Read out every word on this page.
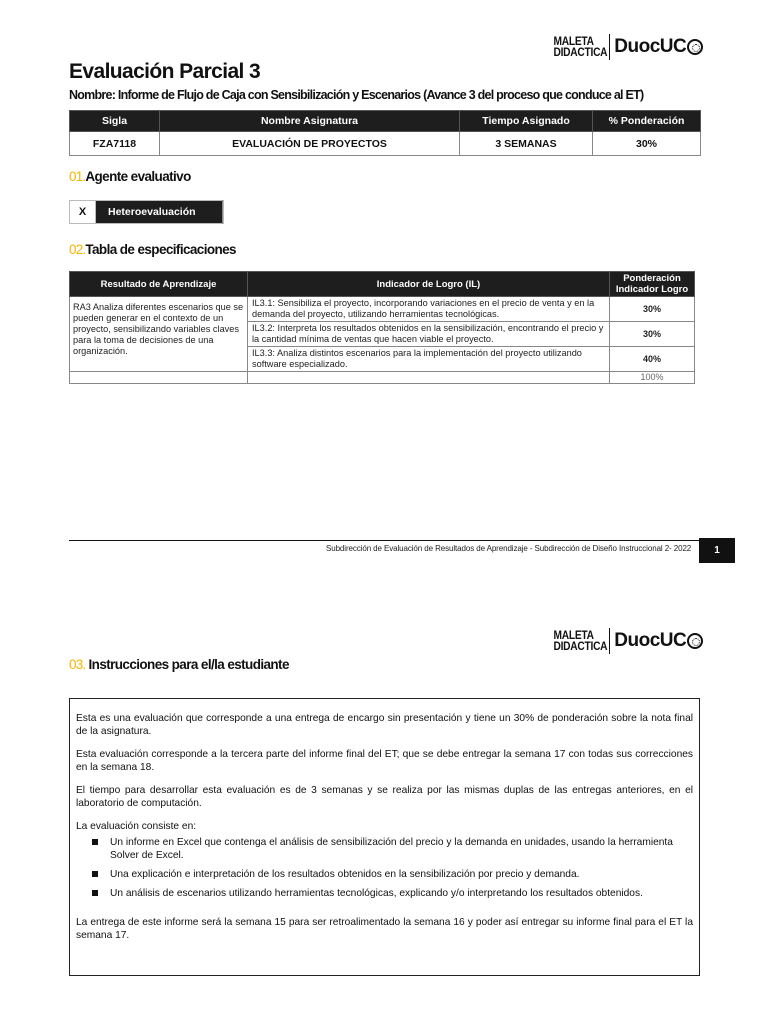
MALETA
DIDACTICA DuocUC
Evaluación Parcial 3
Nombre: Informe de Flujo de Caja con Sensibilización y Escenarios (Avance 3 del proceso que conduce al ET)
Sigla	Nombre Asignatura	Tiempo Asignado	% Ponderación
FZA7118	EVALUACIÓN DE PROYECTOS	3 SEMANAS	30%
01.Agente evaluativo
X	Heteroevaluación
02.Tabla de especificaciones
Resultado de Aprendizaje	Indicador de Logro (IL)	Ponderación Indicador Logro
RA3 Analiza diferentes escenarios que se pueden generar en el contexto de un proyecto, sensibilizando variables claves para la toma de decisiones de una organización.	IL3.1: Sensibiliza el proyecto, incorporando variaciones en el precio de venta y en la demanda del proyecto, utilizando herramientas tecnológicas.	30%
	IL3.2: Interpreta los resultados obtenidos en la sensibilización, encontrando el precio y la cantidad mínima de ventas que hacen viable el proyecto.	30%
	IL3.3: Analiza distintos escenarios para la implementación del proyecto utilizando software especializado.	40%
		100%
Subdirección de Evaluación de Resultados de Aprendizaje - Subdirección de Diseño Instruccional 2- 2022	1
MALETA
DIDACTICA DuocUC
03. Instrucciones para el/la estudiante

Esta es una evaluación que corresponde a una entrega de encargo sin presentación y tiene un 30% de ponderación sobre la nota final de la asignatura.

Esta evaluación corresponde a la tercera parte del informe final del ET; que se debe entregar la semana 17 con todas sus correcciones en la semana 18.

El tiempo para desarrollar esta evaluación es de 3 semanas y se realiza por las mismas duplas de las entregas anteriores, en el laboratorio de computación.

La evaluación consiste en:

Un informe en Excel que contenga el análisis de sensibilización del precio y la demanda en unidades, usando la herramienta Solver de Excel.
Una explicación e interpretación de los resultados obtenidos en la sensibilización por precio y demanda.
Un análisis de escenarios utilizando herramientas tecnológicas, explicando y/o interpretando los resultados obtenidos.

La entrega de este informe será la semana 15 para ser retroalimentado la semana 16 y poder así entregar su informe final para el ET la semana 17.
